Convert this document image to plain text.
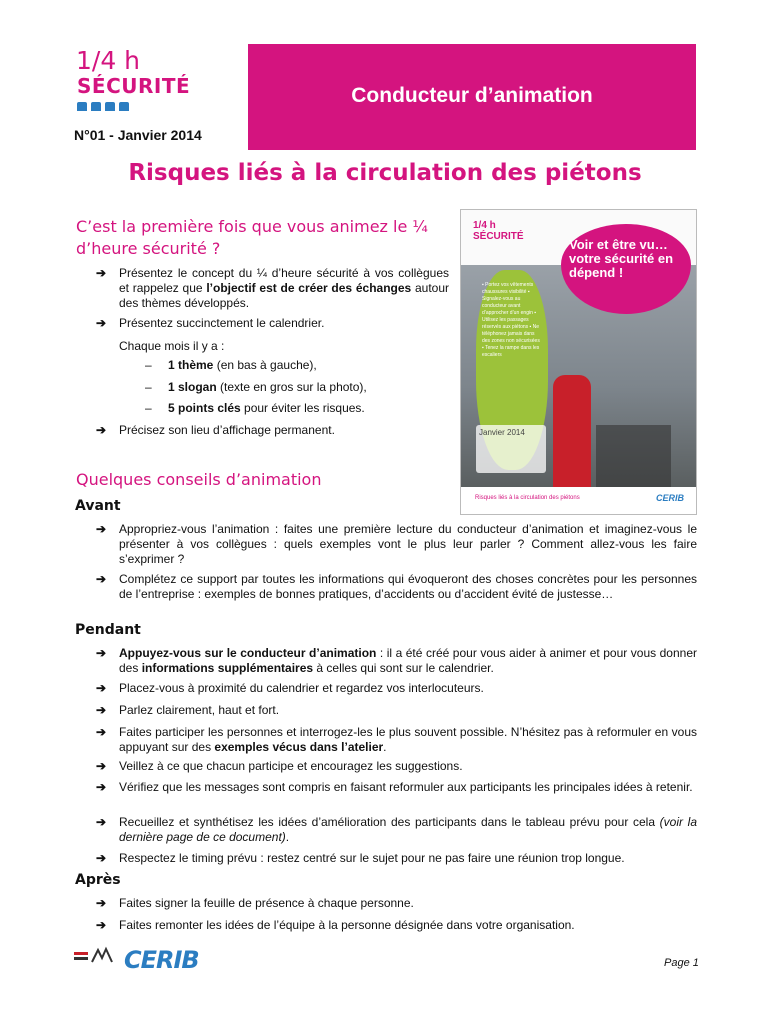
1/4 h
SÉCURITÉ
N°01 - Janvier 2014
Conducteur d’animation
Risques liés à la circulation des piétons
C’est la première fois que vous animez le ¼ d’heure sécurité ?
➔ Présentez le concept du ¼ d’heure sécurité à vos collègues et rappelez que l’objectif est de créer des échanges autour des thèmes développés.
➔ Présentez succinctement le calendrier.
Chaque mois il y a :
– 1 thème (en bas à gauche),
– 1 slogan (texte en gros sur la photo),
– 5 points clés pour éviter les risques.
➔ Précisez son lieu d’affichage permanent.
1/4 h
SÉCURITÉ
Voir et être vu… votre sécurité en dépend !
▪ Portez vos vêtements chaussures visibilité ▪ Signalez-vous au conducteur avant d’approcher d’un engin ▪ Utilisez les passages réservés aux piétons ▪ Ne téléphonez jamais dans des zones non sécurisées ▪ Tenez la rampe dans les escaliers
Janvier 2014
Risques liés à la circulation des piétons	CERIB
Quelques conseils d’animation
Avant
➔ Appropriez-vous l’animation : faites une première lecture du conducteur d’animation et imaginez-vous le présenter à vos collègues : quels exemples vont le plus leur parler ? Comment allez-vous les faire s’exprimer ?
➔ Complétez ce support par toutes les informations qui évoqueront des choses concrètes pour les personnes de l’entreprise : exemples de bonnes pratiques, d’accidents ou d’accident évité de justesse…
Pendant
➔ Appuyez-vous sur le conducteur d’animation : il a été créé pour vous aider à animer et pour vous donner des informations supplémentaires à celles qui sont sur le calendrier.
➔ Placez-vous à proximité du calendrier et regardez vos interlocuteurs.
➔ Parlez clairement, haut et fort.
➔ Faites participer les personnes et interrogez-les le plus souvent possible. N’hésitez pas à reformuler en vous appuyant sur des exemples vécus dans l’atelier.
➔ Veillez à ce que chacun participe et encouragez les suggestions.
➔ Vérifiez que les messages sont compris en faisant reformuler aux participants les principales idées à retenir.
➔ Recueillez et synthétisez les idées d’amélioration des participants dans le tableau prévu pour cela (voir la dernière page de ce document).
➔ Respectez le timing prévu : restez centré sur le sujet pour ne pas faire une réunion trop longue.
Après
➔ Faites signer la feuille de présence à chaque personne.
➔ Faites remonter les idées de l’équipe à la personne désignée dans votre organisation.
CERIB	Page 1
